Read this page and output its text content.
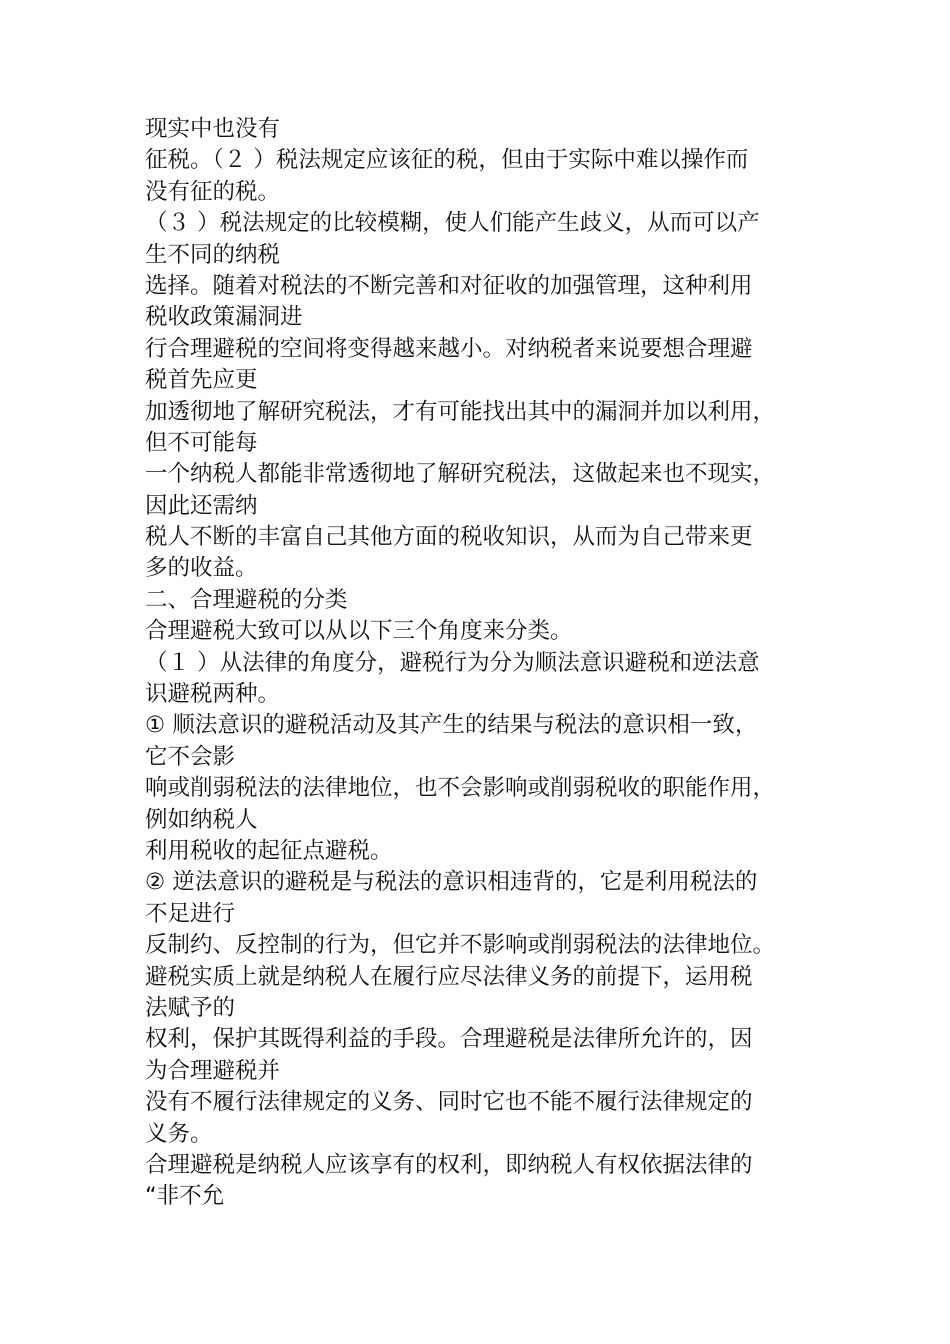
现实中也没有
征税。（２ ）税法规定应该征的税，但由于实际中难以操作而
没有征的税。
（３ ）税法规定的比较模糊，使人们能产生歧义，从而可以产
生不同的纳税
选择。随着对税法的不断完善和对征收的加强管理，这种利用
税收政策漏洞进
行合理避税的空间将变得越来越小。对纳税者来说要想合理避
税首先应更
加透彻地了解研究税法，才有可能找出其中的漏洞并加以利用，
但不可能每
一个纳税人都能非常透彻地了解研究税法，这做起来也不现实，
因此还需纳
税人不断的丰富自己其他方面的税收知识，从而为自己带来更
多的收益。
二、合理避税的分类
合理避税大致可以从以下三个角度来分类。
（１ ）从法律的角度分，避税行为分为顺法意识避税和逆法意
识避税两种。
① 顺法意识的避税活动及其产生的结果与税法的意识相一致，
它不会影
响或削弱税法的法律地位，也不会影响或削弱税收的职能作用，
例如纳税人
利用税收的起征点避税。
② 逆法意识的避税是与税法的意识相违背的，它是利用税法的
不足进行
反制约、反控制的行为，但它并不影响或削弱税法的法律地位。
避税实质上就是纳税人在履行应尽法律义务的前提下，运用税
法赋予的
权利，保护其既得利益的手段。合理避税是法律所允许的，因
为合理避税并
没有不履行法律规定的义务、同时它也不能不履行法律规定的
义务。
合理避税是纳税人应该享有的权利，即纳税人有权依据法律的
“非不允
